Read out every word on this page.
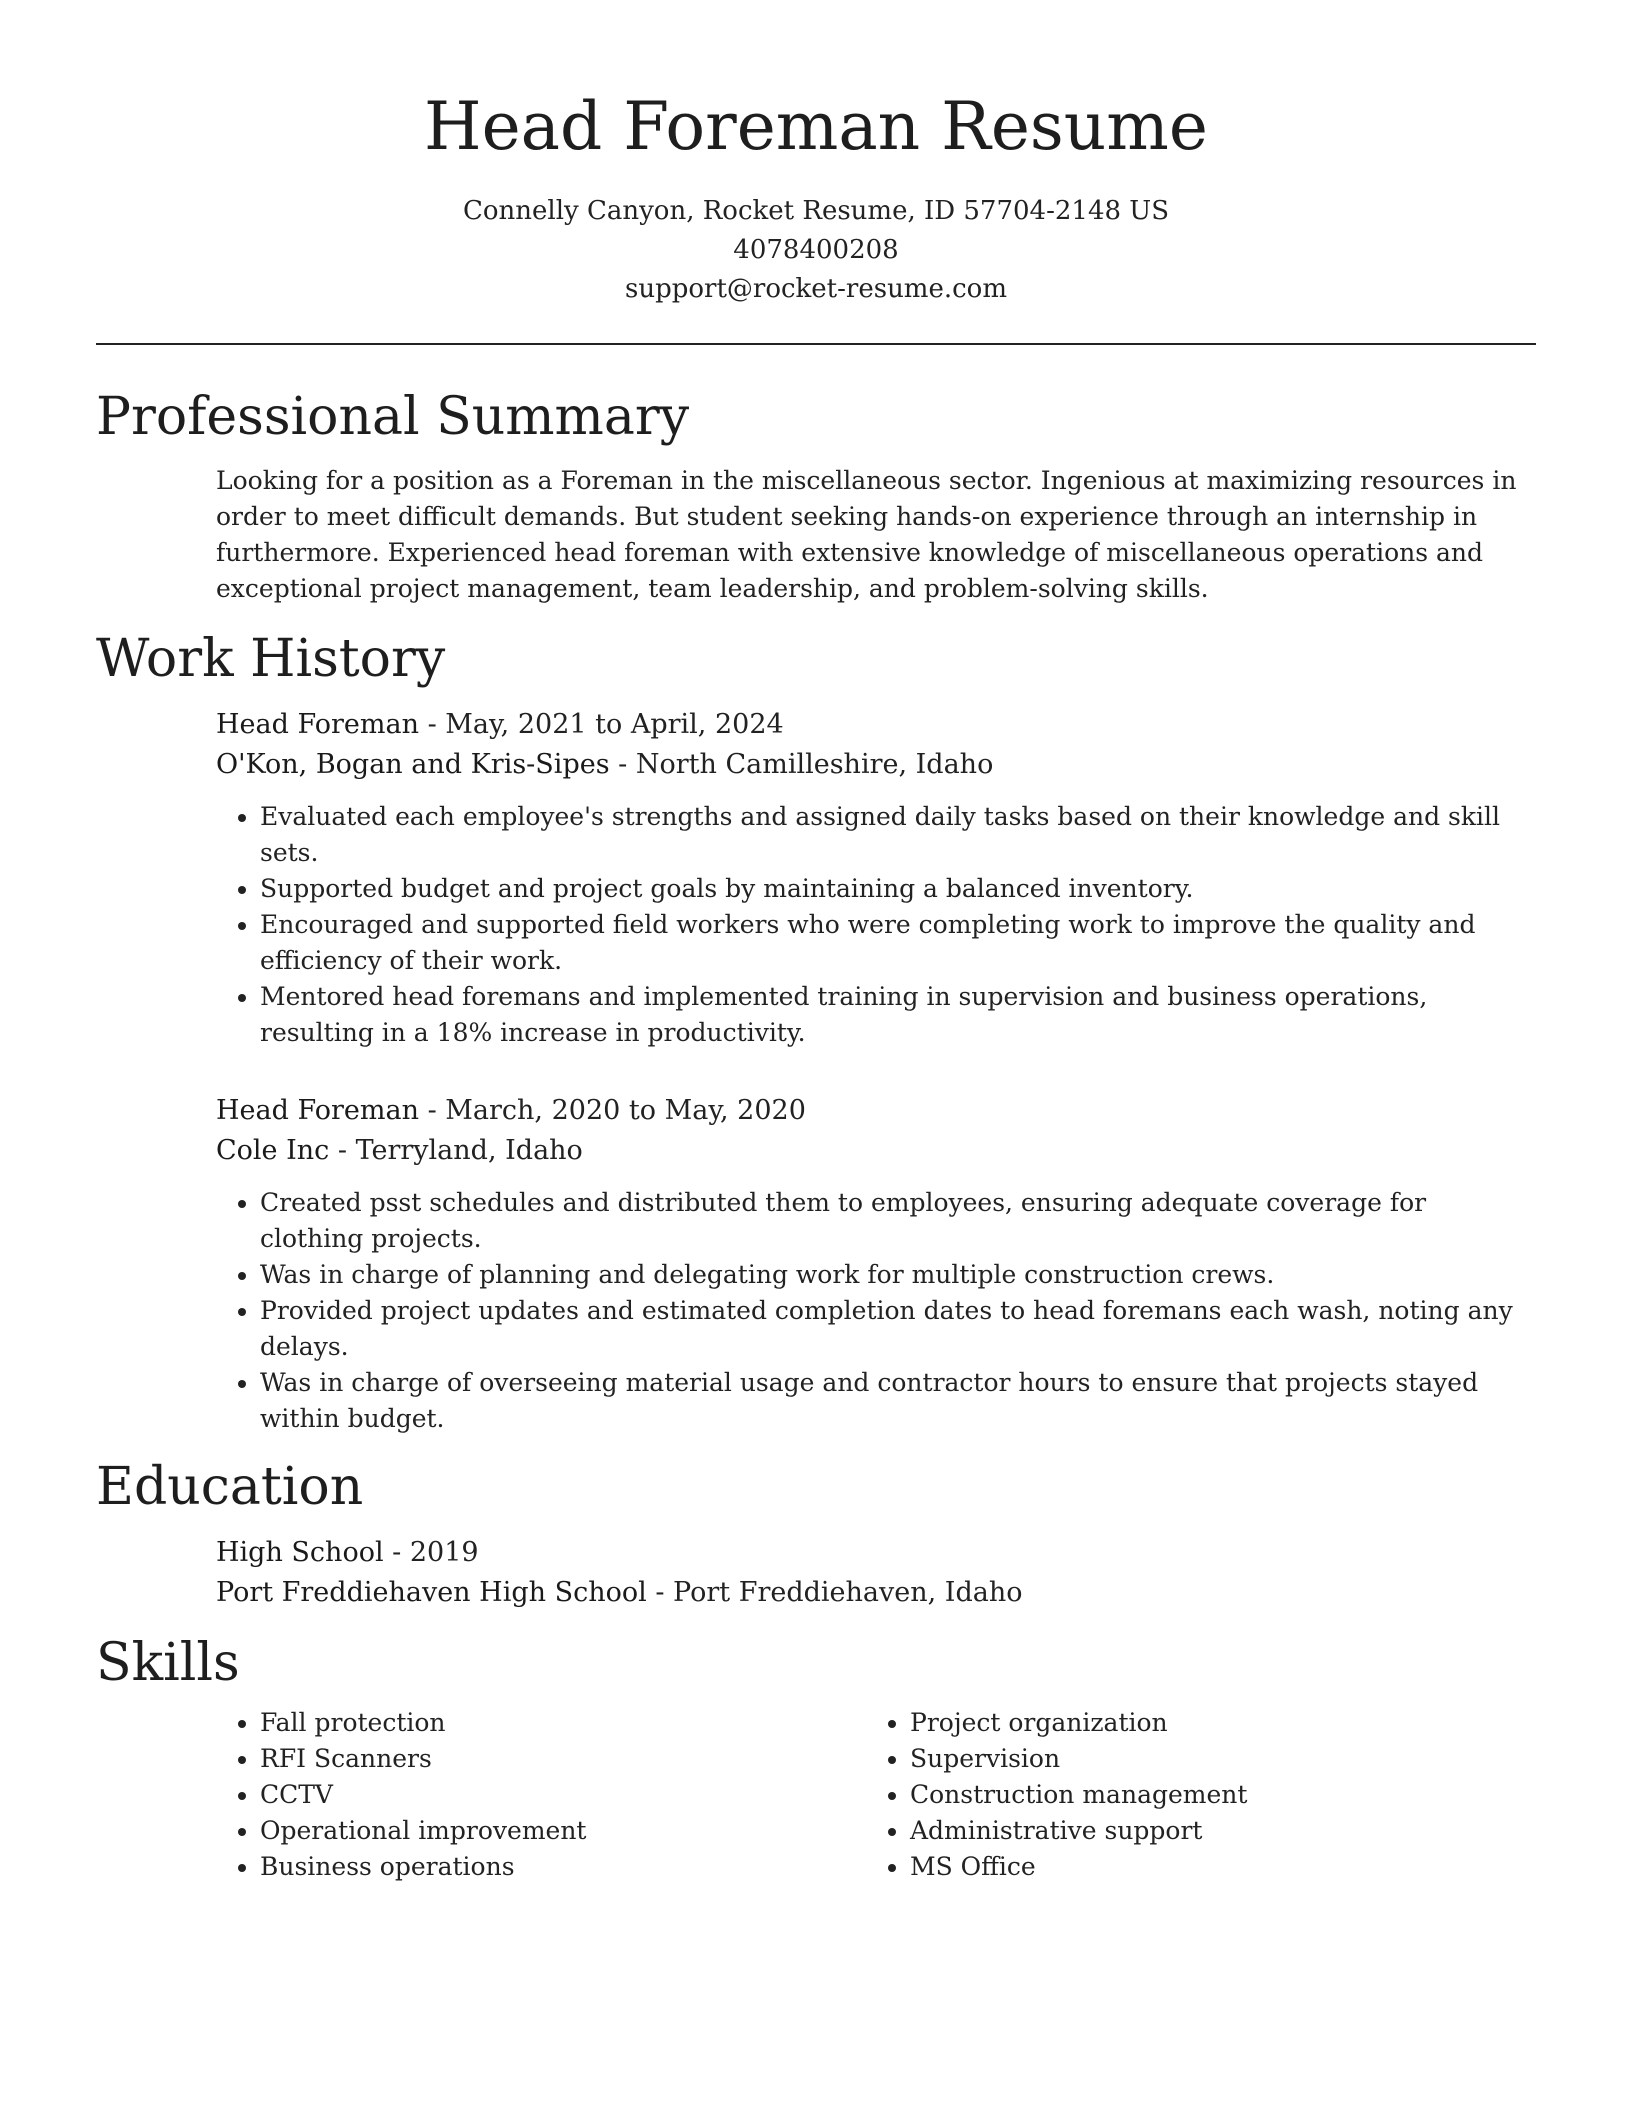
Head Foreman Resume
Connelly Canyon, Rocket Resume, ID 57704-2148 US
4078400208
support@rocket-resume.com
Professional Summary
Looking for a position as a Foreman in the miscellaneous sector. Ingenious at maximizing resources in order to meet difficult demands. But student seeking hands-on experience through an internship in furthermore. Experienced head foreman with extensive knowledge of miscellaneous operations and exceptional project management, team leadership, and problem-solving skills.
Work History
Head Foreman - May, 2021 to April, 2024
O'Kon, Bogan and Kris-Sipes - North Camilleshire, Idaho
• Evaluated each employee's strengths and assigned daily tasks based on their knowledge and skill sets.
• Supported budget and project goals by maintaining a balanced inventory.
• Encouraged and supported field workers who were completing work to improve the quality and efficiency of their work.
• Mentored head foremans and implemented training in supervision and business operations, resulting in a 18% increase in productivity.
Head Foreman - March, 2020 to May, 2020
Cole Inc - Terryland, Idaho
• Created psst schedules and distributed them to employees, ensuring adequate coverage for clothing projects.
• Was in charge of planning and delegating work for multiple construction crews.
• Provided project updates and estimated completion dates to head foremans each wash, noting any delays.
• Was in charge of overseeing material usage and contractor hours to ensure that projects stayed within budget.
Education
High School - 2019
Port Freddiehaven High School - Port Freddiehaven, Idaho
Skills
• Fall protection
• RFI Scanners
• CCTV
• Operational improvement
• Business operations
• Project organization
• Supervision
• Construction management
• Administrative support
• MS Office
